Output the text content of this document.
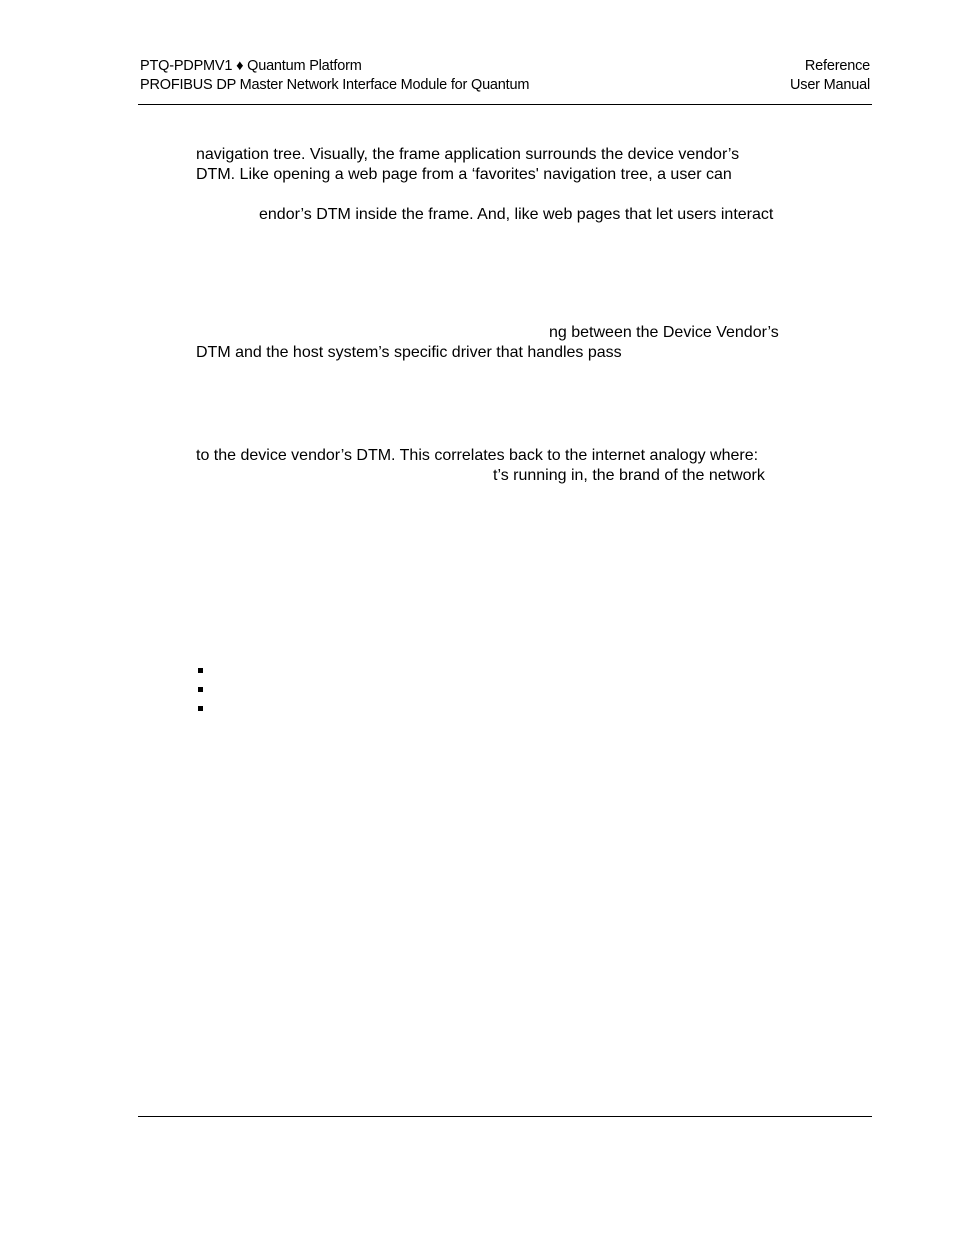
PTQ-PDPMV1 ♦ Quantum Platform
PROFIBUS DP Master Network Interface Module for Quantum
Reference
User Manual
navigation tree. Visually, the frame application surrounds the device vendor’s
DTM. Like opening a web page from a ‘favorites' navigation tree, a user can
endor’s DTM inside the frame. And, like web pages that let users interact
ng between the Device Vendor’s
DTM and the host system’s specific driver that handles pass
to the device vendor’s DTM. This correlates back to the internet analogy where:
t’s running in, the brand of the network
